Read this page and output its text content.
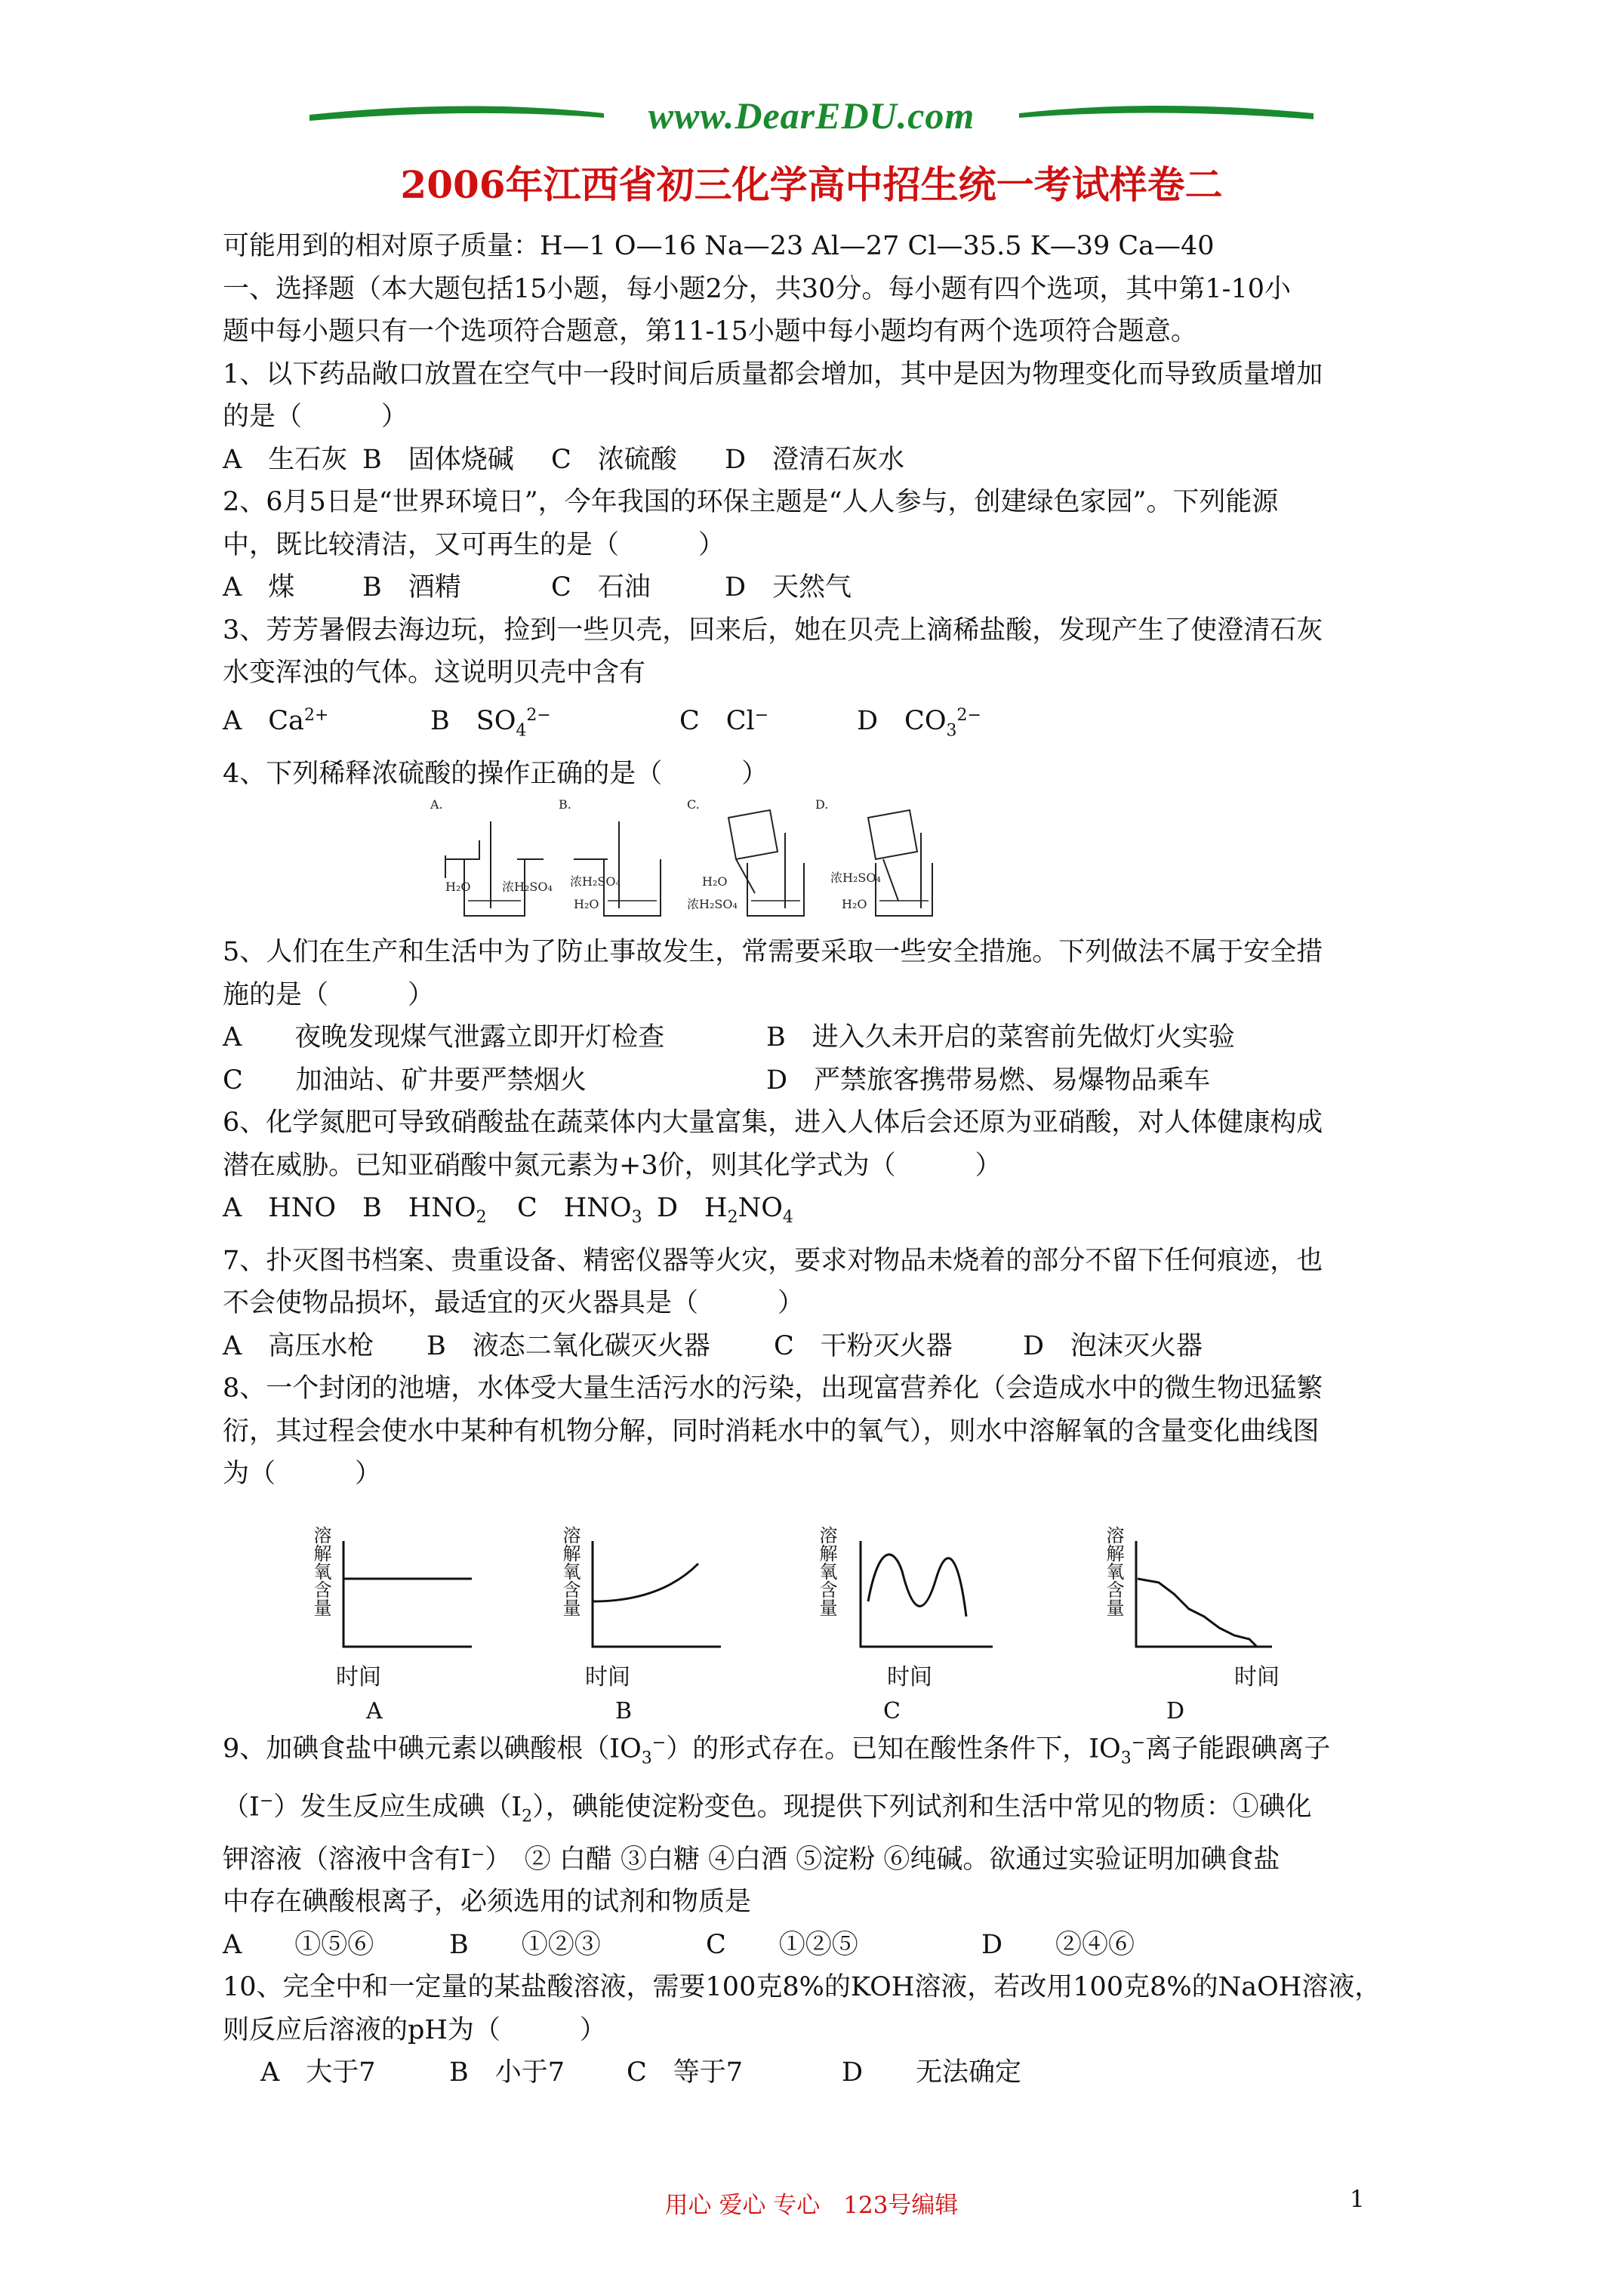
www.DearEDU.com
2006年江西省初三化学高中招生统一考试样卷二

可能用到的相对原子质量：H—1 O—16 Na—23 Al—27 Cl—35.5 K—39 Ca—40

一、选择题（本大题包括15小题，每小题2分，共30分。每小题有四个选项，其中第1-10小

题中每小题只有一个选项符合题意，第11-15小题中每小题均有两个选项符合题意。

1、以下药品敞口放置在空气中一段时间后质量都会增加，其中是因为物理变化而导致质量增加

的是（　　　）

A　生石灰 B　固体烧碱 C　浓硫酸 D　澄清石灰水

2、6月5日是“世界环境日”，今年我国的环保主题是“人人参与，创建绿色家园”。下列能源

中，既比较清洁，又可再生的是（　　　）

A　煤	B　酒精	C　石油	D　天然气

3、芳芳暑假去海边玩，捡到一些贝壳，回来后，她在贝壳上滴稀盐酸，发现产生了使澄清石灰

水变浑浊的气体。这说明贝壳中含有

A　$Ca^{2+}$	B　$SO_4^{2-}$	C　Cl−	D　$CO_3^{2-}$

4、下列稀释浓硫酸的操作正确的是（　　　）

A.
H₂O	浓H₂SO₄
B.
浓H₂SO₄
H₂O
C.
H₂O
浓H₂SO₄
D.
浓H₂SO₄
H₂O

5、人们在生产和生活中为了防止事故发生，常需要采取一些安全措施。下列做法不属于安全措

施的是（　　　）

A　　夜晚发现煤气泄露立即开灯检查	B　进入久未开启的菜窖前先做灯火实验

C　　加油站、矿井要严禁烟火	D　严禁旅客携带易燃、易爆物品乘车

6、化学氮肥可导致硝酸盐在蔬菜体内大量富集，进入人体后会还原为亚硝酸，对人体健康构成

潜在威胁。已知亚硝酸中氮元素为+3价，则其化学式为（　　　）

A　HNO B　$HNO_2$ C　$HNO_3$ D　$H_2NO_4$

7、扑灭图书档案、贵重设备、精密仪器等火灾，要求对物品未烧着的部分不留下任何痕迹，也

不会使物品损坏，最适宜的灭火器具是（　　　）

A　高压水枪 B　液态二氧化碳灭火器 C　干粉灭火器	D　泡沫灭火器

8、一个封闭的池塘，水体受大量生活污水的污染，出现富营养化（会造成水中的微生物迅猛繁

衍，其过程会使水中某种有机物分解，同时消耗水中的氧气），则水中溶解氧的含量变化曲线图

为（　　　）

溶解氧含量
时间
A
溶解氧含量
时间
B
溶解氧含量
时间
C
溶解氧含量
时间
D

9、加碘食盐中碘元素以碘酸根$(IO_3^-)$的形式存在。已知在酸性条件下，$IO_3^-$离子能跟碘离子

（I−）发生反应生成碘$(I_2)$，碘能使淀粉变色。现提供下列试剂和生活中常见的物质：①碘化

钾溶液（溶液中含有I⁻）　② 白醋 ③白糖 ④白酒 ⑤淀粉 ⑥纯碱。欲通过实验证明加碘食盐

中存在碘酸根离子，必须选用的试剂和物质是

A　　①⑤⑥	B　　①②③	C　　①②⑤	D　　②④⑥

10、完全中和一定量的某盐酸溶液，需要100克8%的KOH溶液，若改用100克8%的NaOH溶液，

则反应后溶液的pH为（　　　）

A　大于7	B　小于7 C　等于7	D　　无法确定

用心 爱心 专心　123号编辑	1
